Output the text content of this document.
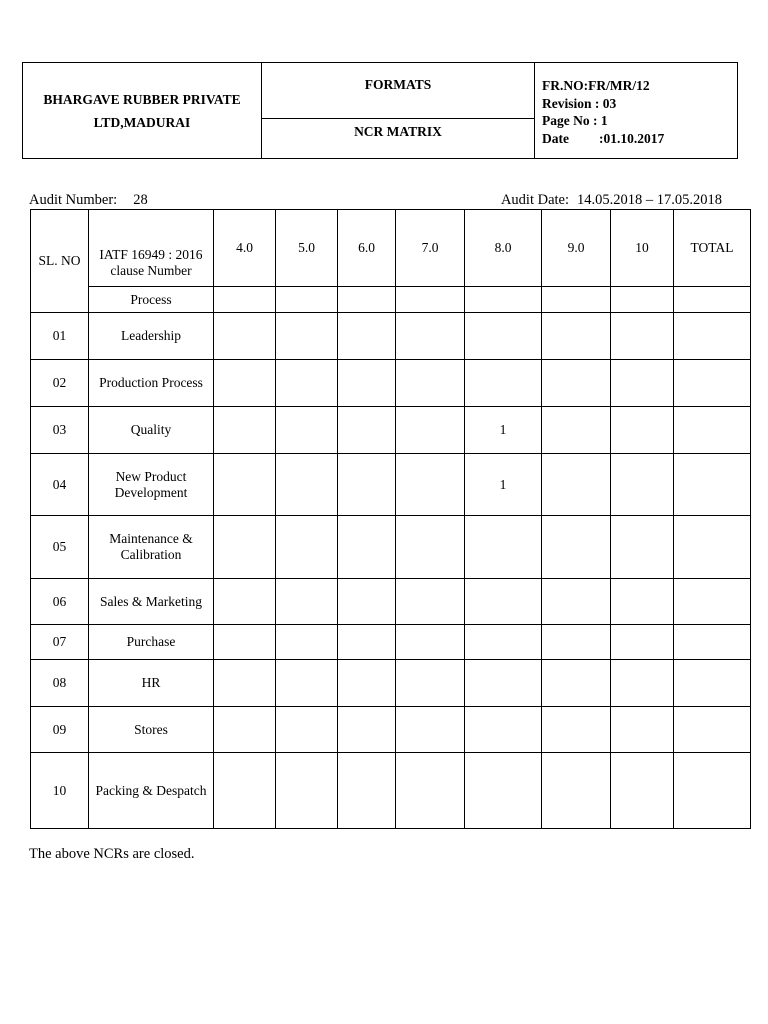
BHARGAVE RUBBER PRIVATE
LTD,MADURAI
FORMATS
NCR MATRIX
FR.NO:FR/MR/12
Revision : 03
Page No : 1
Date :01.10.2017
Audit Number: 28	Audit Date: 14.05.2018 – 17.05.2018
SL. NO	IATF 16949 : 2016 clause Number	4.0	5.0	6.0	7.0	8.0	9.0	10	TOTAL
	Process								
01	Leadership								
02	Production Process								
03	Quality					1			
04	New Product Development					1			
05	Maintenance & Calibration								
06	Sales & Marketing								
07	Purchase								
08	HR								
09	Stores								
10	Packing & Despatch								
The above NCRs are closed.
